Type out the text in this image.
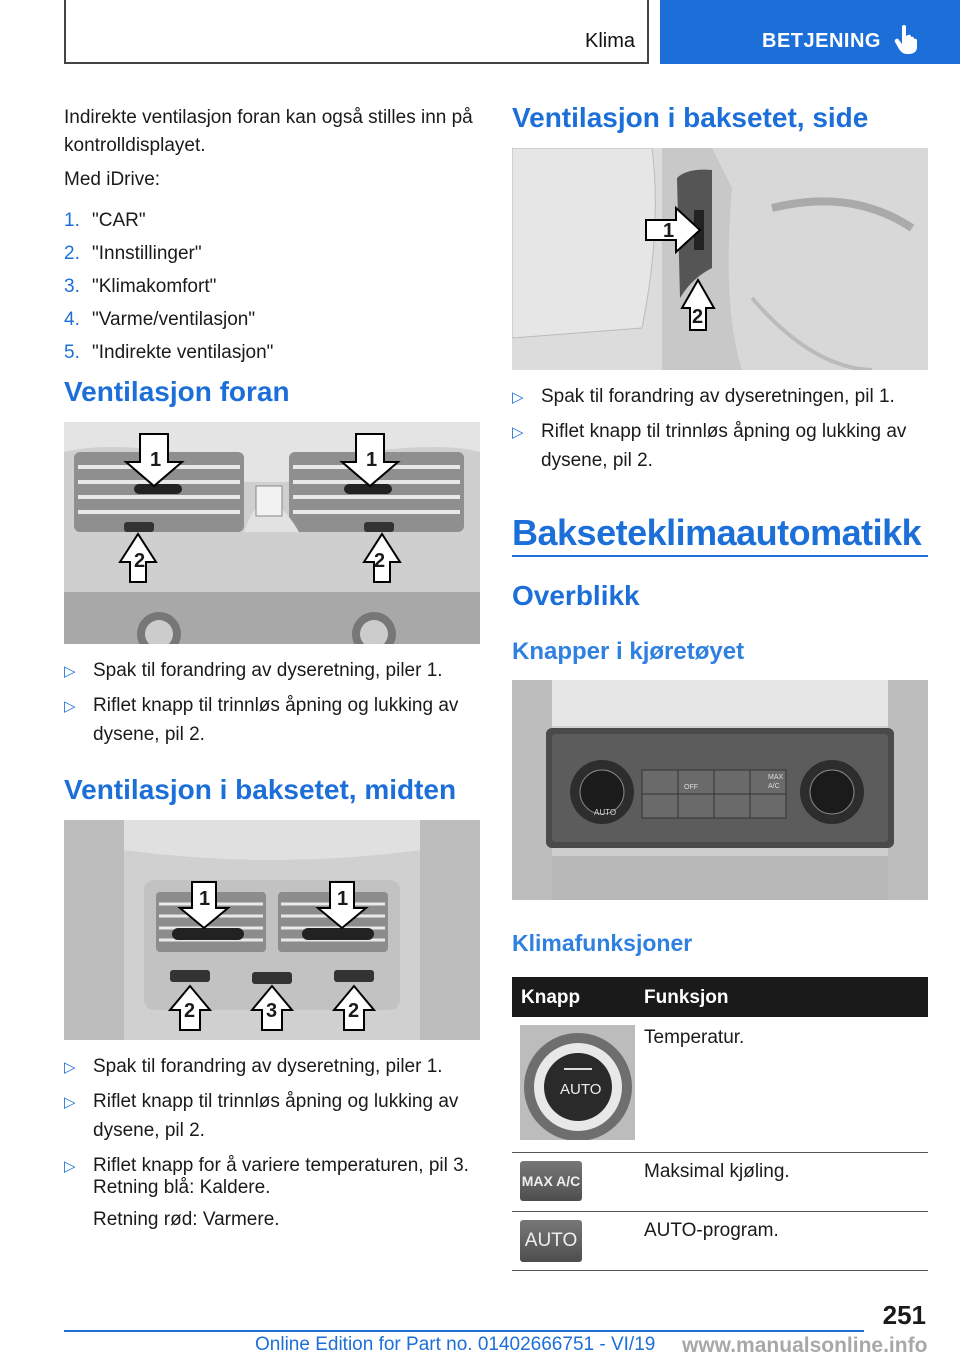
Klima	BETJENING

Indirekte ventilasjon foran kan også stilles inn på kontrolldisplayet.

Med iDrive:

1. "CAR"
2. "Innstillinger"
3. "Klimakomfort"
4. "Varme/ventilasjon"
5. "Indirekte ventilasjon"
Ventilasjon foran
1	1
2	2
▷ Spak til forandring av dyseretning, piler 1.
▷ Riflet knapp til trinnløs åpning og lukking av dysene, pil 2.
Ventilasjon i baksetet, midten
1	1
2	3	2
▷ Spak til forandring av dyseretning, piler 1.
▷ Riflet knapp til trinnløs åpning og lukking av dysene, pil 2.
▷ Riflet knapp for å variere temperaturen, pil 3.

Retning blå: Kaldere.

Retning rød: Varmere.

Ventilasjon i baksetet, side
1
2
▷ Spak til forandring av dyseretningen, pil 1.
▷ Riflet knapp til trinnløs åpning og lukking av dysene, pil 2.
Bakseteklimaautomatikk
Overblikk
Knapper i kjøretøyet
AUTO
OFF
MAX
A/C
Klimafunksjoner
Knapp	Funksjon
AUTO
Temperatur.
MAX A/C	Maksimal kjøling.
AUTO	AUTO-program.
251
Online Edition for Part no. 01402666751 - VI/19 www.manualsonline.info
